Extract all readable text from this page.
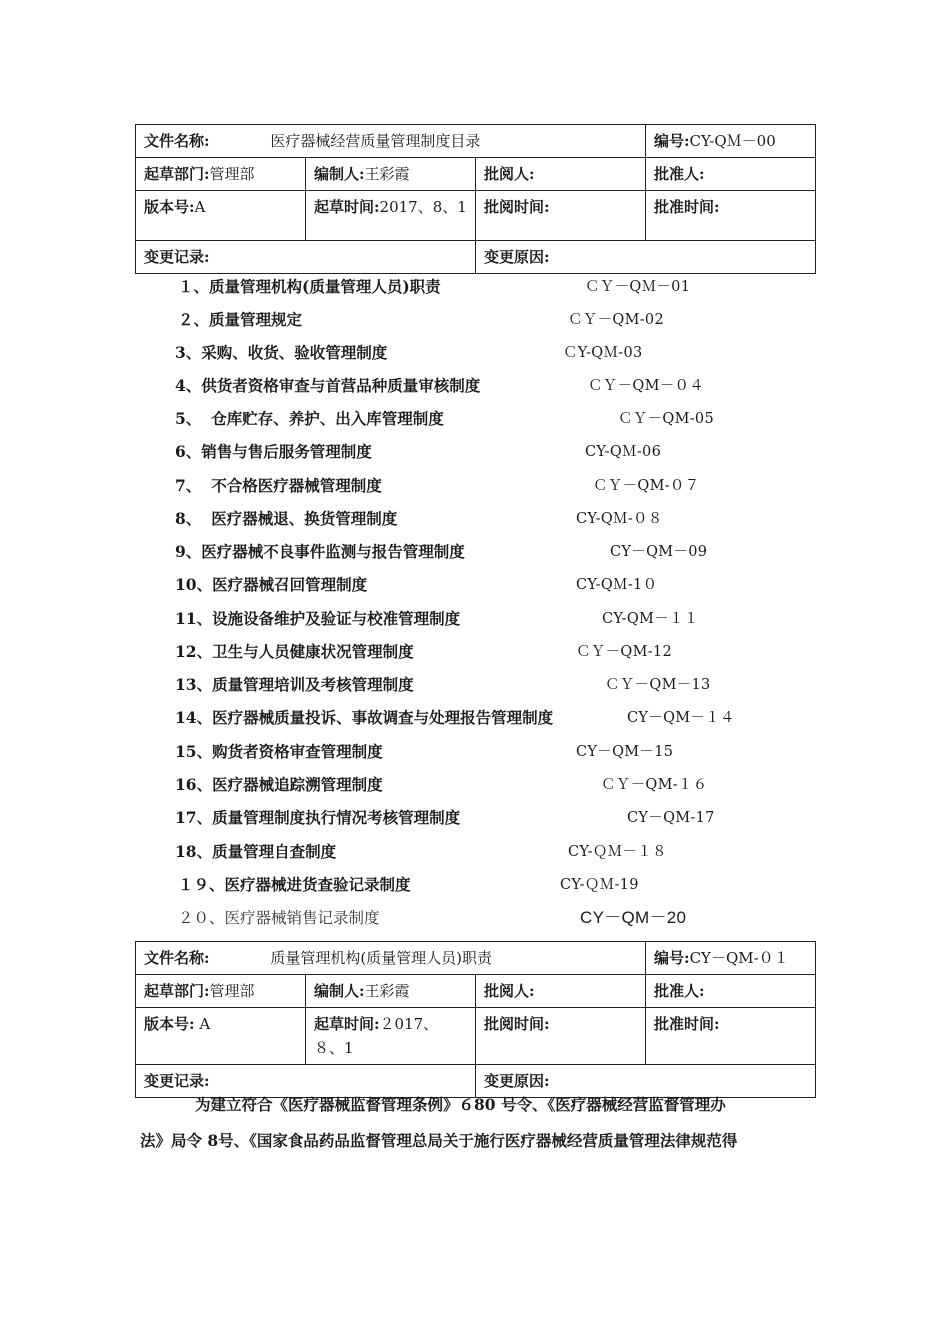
文件名称: 医疗器械经营质量管理制度目录			编号:CY-QＭ－00
起草部门:管理部	编制人:王彩霞	批阅人:	批准人:
版本号:A	起草时间:2017、8、1	批阅时间:	批准时间:
变更记录:		变更原因:	
１、质量管理机构(质量管理人员)职责	ＣＹ－QＭ－01
２、质量管理规定	ＣＹ－QM-02
3、采购、收货、验收管理制度	ＣY-QＭ-03
4、供货者资格审查与首营品种质量审核制度	ＣＹ－QM－０４
5、 仓库贮存、养护、出入库管理制度	ＣＹ－QM-05
6、销售与售后服务管理制度	CY-QＭ-06
7、 不合格医疗器械管理制度	ＣＹ－QM-０７
8、 医疗器械退、换货管理制度	CY-QＭ-０８
9、医疗器械不良事件监测与报告管理制度	CY－QM－09
10、医疗器械召回管理制度	CY-QＭ-1０
11、设施设备维护及验证与校准管理制度	CY-QM－１１
12、卫生与人员健康状况管理制度	ＣＹ－QM-12
13、质量管理培训及考核管理制度	ＣＹ－QM－13
14、医疗器械质量投诉、事故调查与处理报告管理制度	CY－QM－１４
15、购货者资格审查管理制度	CY－QM－15
16、医疗器械追踪溯管理制度	ＣＹ－QM-１６
17、质量管理制度执行情况考核管理制度	CY－QM-17
18、质量管理自查制度	CY-ＱＭ－１８
１９、医疗器械进货查验记录制度	CY-ＱＭ-19
２０、医疗器械销售记录制度	CY－QM－20
文件名称: 质量管理机构(质量管理人员)职责			编号:CY－QM-０１
起草部门:管理部	编制人:王彩霞	批阅人:	批准人:
版本号: A	起草时间:２017、８、1	批阅时间:	批准时间:
变更记录:		变更原因:	
为建立符合《医疗器械监督管理条例》６80 号令、《医疗器械经营监督管理办
法》局令 8号、《国家食品药品监督管理总局关于施行医疗器械经营质量管理法律规范得
